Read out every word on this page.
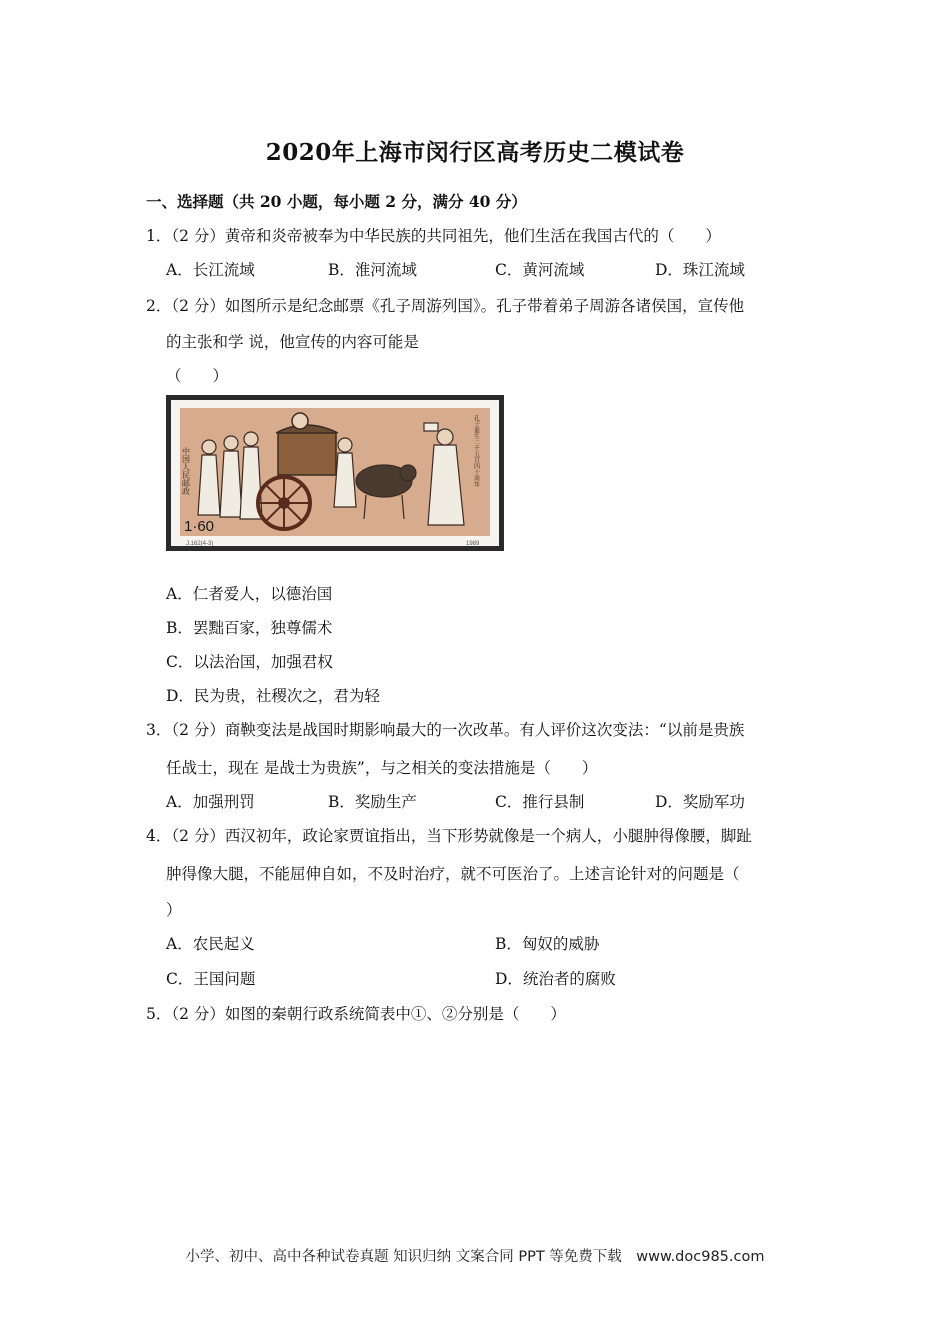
2020年上海市闵行区高考历史二模试卷
一、选择题（共 20 小题，每小题 2 分，满分 40 分）
1．（2 分）黄帝和炎帝被奉为中华民族的共同祖先，他们生活在我国古代的（　　）
A．长江流域	B．淮河流域	C．黄河流域	D．珠江流域
2．（2 分）如图所示是纪念邮票《孔子周游列国》。孔子带着弟子周游各诸侯国，宣传他
的主张和学 说，他宣传的内容可能是
（　　）
中国人民邮政
1·60
孔子诞生二千五百四十周年
J.162(4-3)	1989
A．仁者爱人，以德治国
B．罢黜百家，独尊儒术
C．以法治国，加强君权
D．民为贵，社稷次之，君为轻
3．（2 分）商鞅变法是战国时期影响最大的一次改革。有人评价这次变法：“以前是贵族
任战士，现在 是战士为贵族”，与之相关的变法措施是（　　）
A．加强刑罚	B．奖励生产	C．推行县制	D．奖励军功
4．（2 分）西汉初年，政论家贾谊指出，当下形势就像是一个病人，小腿肿得像腰，脚趾
肿得像大腿，不能屈伸自如，不及时治疗，就不可医治了。上述言论针对的问题是（
）
A．农民起义	B．匈奴的威胁
C．王国问题	D．统治者的腐败
5．（2 分）如图的秦朝行政系统简表中①、②分别是（　　）
小学、初中、高中各种试卷真题 知识归纳 文案合同 PPT 等免费下载　www.doc985.com
